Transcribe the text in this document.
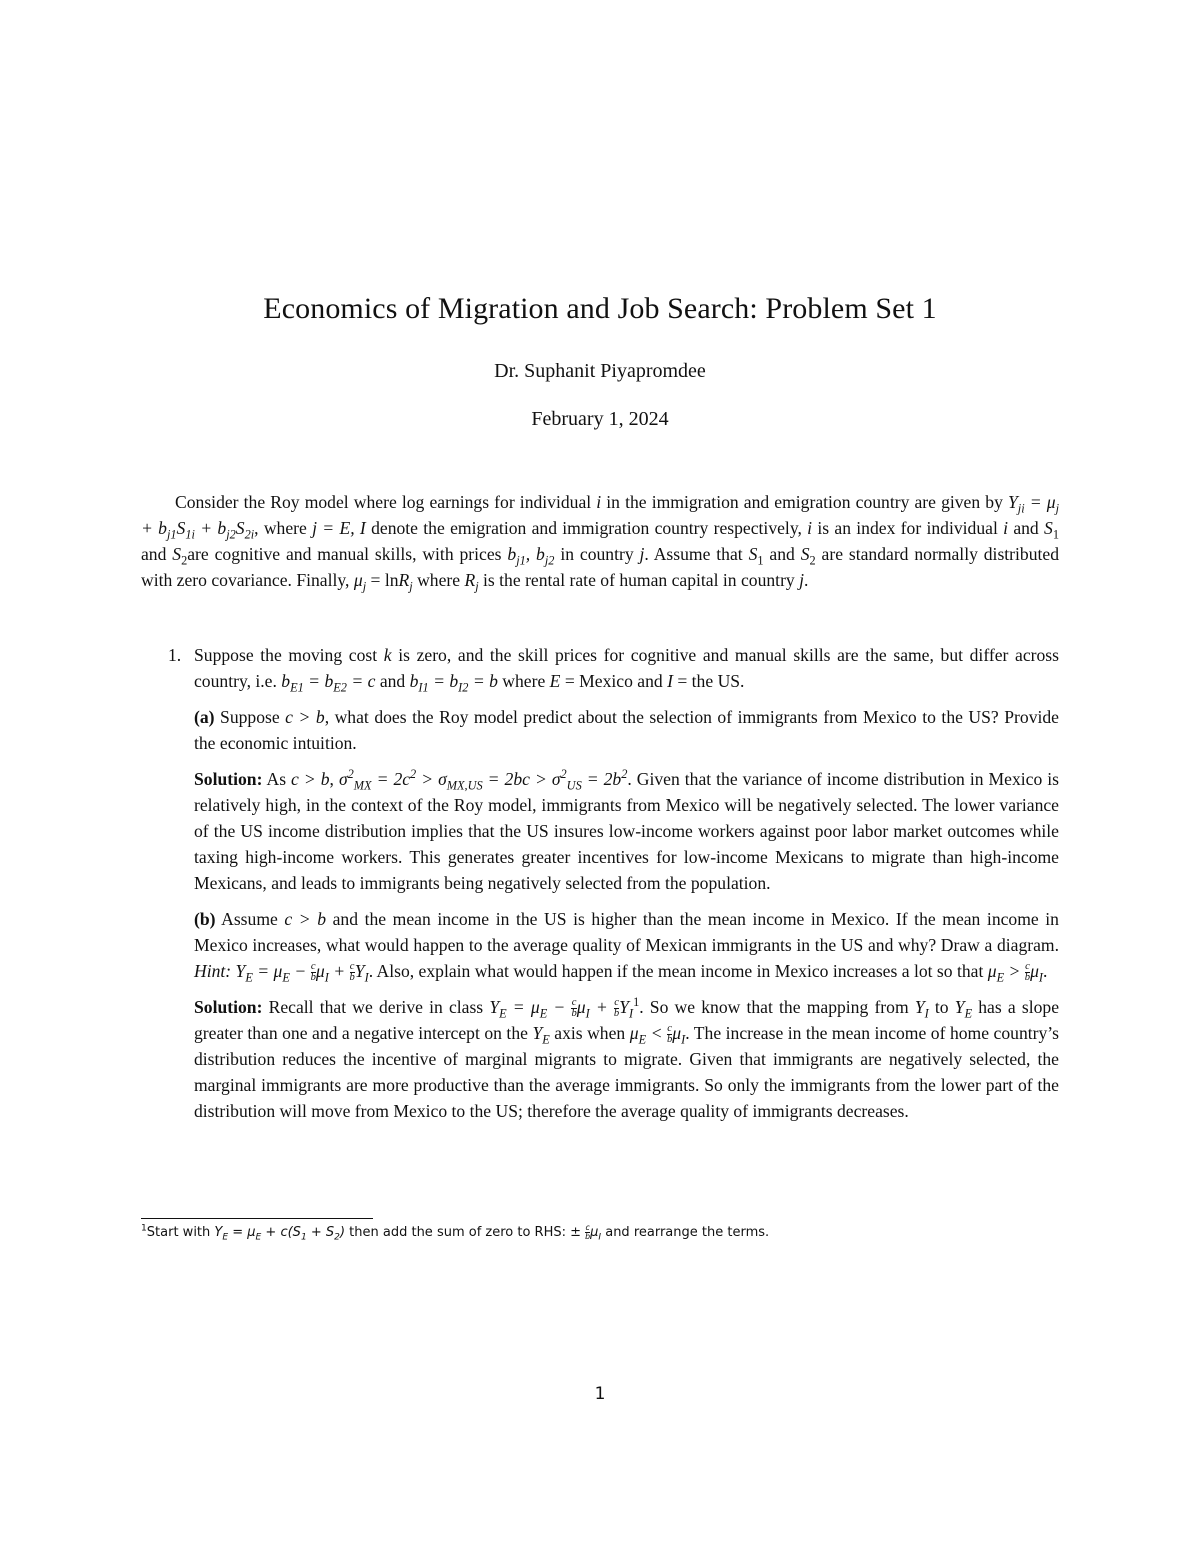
Economics of Migration and Job Search: Problem Set 1
Dr. Suphanit Piyapromdee
February 1, 2024
Consider the Roy model where log earnings for individual i in the immigration and emigration country are given by $Y_{ji} = \mu_j + b_{j1}S_{1i} + b_{j2}S_{2i}$, where j = E, I denote the emigration and immigration country respectively, i is an index for individual i and $S_1$ and $S_2are$ cognitive and manual skills, with prices $b_{j1}$, $b_{j2}$ in country j. Assume that $S_1$ and $S_2$ are standard normally distributed with zero covariance. Finally, $\mu_j = \ln R_j$ where $R_j$ is the rental rate of human capital in country j.
1. Suppose the moving cost k is zero, and the skill prices for cognitive and manual skills are the same, but differ across country, i.e. $b_{E1} = b_{E2} = c$ and $b_{I1} = b_{I2} = b$ where E = Mexico and I = the US.
(a) Suppose c > b, what does the Roy model predict about the selection of immigrants from Mexico to the US? Provide the economic intuition.
Solution: As c > b, $\sigma^2_{MX} = 2c^2 > \sigma_{MX,US} = 2bc > \sigma^2_{US} = 2b^2$. Given that the variance of income distribution in Mexico is relatively high, in the context of the Roy model, immigrants from Mexico will be negatively selected. The lower variance of the US income distribution implies that the US insures low-income workers against poor labor market outcomes while taxing high-income workers. This generates greater incentives for low-income Mexicans to migrate than high-income Mexicans, and leads to immigrants being negatively selected from the population.
(b) Assume c > b and the mean income in the US is higher than the mean income in Mexico. If the mean income in Mexico increases, what would happen to the average quality of Mexican immigrants in the US and why? Draw a diagram. Hint: $Y_E = \mu_E - \frac{c}{b} \mu_I + \frac{c}{b} Y_I$. Also, explain what would happen if the mean income in Mexico increases a lot so that $\mu_E > \frac{c}{b} \mu_I$.
Solution: Recall that we derive in class $Y_E = \mu_E - \frac{c}{b} \mu_I + \frac{c}{b} Y_I^1$. So we know that the mapping from $Y_I$ to $Y_E$ has a slope greater than one and a negative intercept on the $Y_E$ axis when $\mu_E < \frac{c}{b} \mu_I$. The increase in the mean income of home country’s distribution reduces the incentive of marginal migrants to migrate. Given that immigrants are negatively selected, the marginal immigrants are more productive than the average immigrants. So only the immigrants from the lower part of the distribution will move from Mexico to the US; therefore the average quality of immigrants decreases.
$^1$Start with $Y_E = \mu_E + c(S_1 + S_2)$ then add the sum of zero to RHS: ± $\frac{c}{b} \mu_I$ and rearrange the terms.
1
